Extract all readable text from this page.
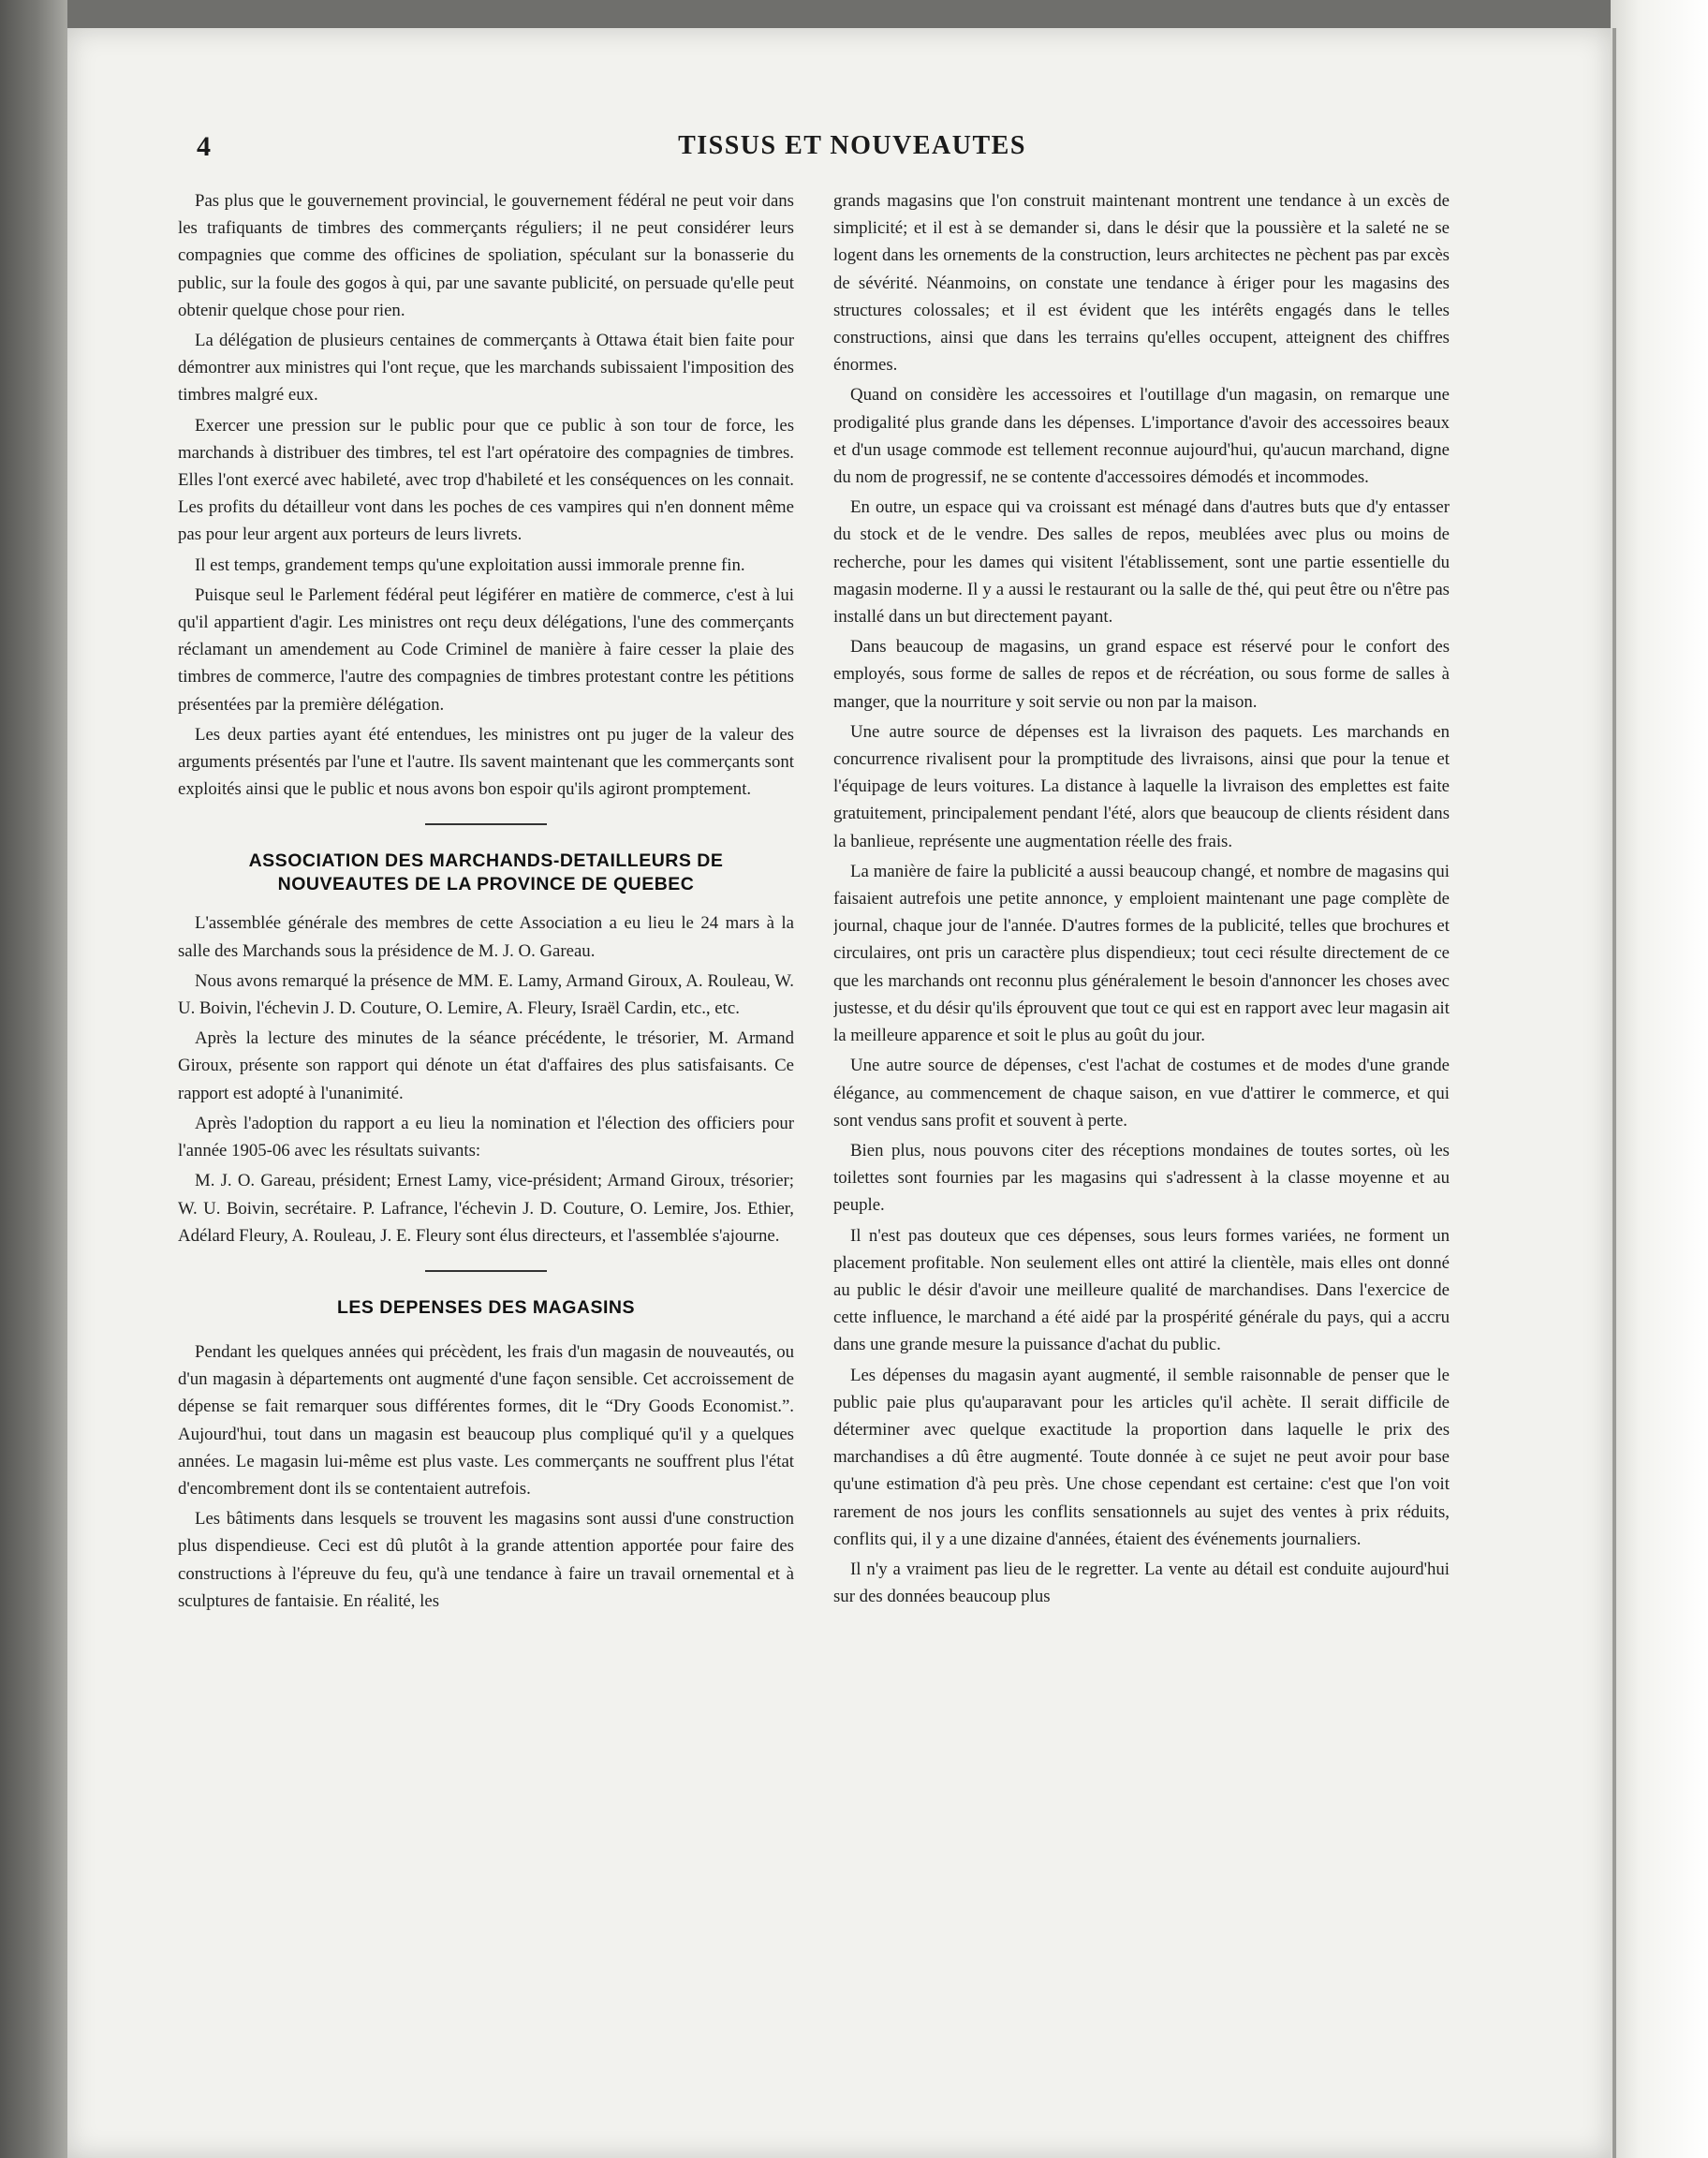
4	TISSUS ET NOUVEAUTES

Pas plus que le gouvernement provincial, le gouvernement fédéral ne peut voir dans les trafiquants de timbres des commerçants réguliers; il ne peut considérer leurs compagnies que comme des officines de spoliation, spéculant sur la bonasserie du public, sur la foule des gogos à qui, par une savante publicité, on persuade qu'elle peut obtenir quelque chose pour rien.

La délégation de plusieurs centaines de commerçants à Ottawa était bien faite pour démontrer aux ministres qui l'ont reçue, que les marchands subissaient l'imposition des timbres malgré eux.

Exercer une pression sur le public pour que ce public à son tour de force, les marchands à distribuer des timbres, tel est l'art opératoire des compagnies de timbres. Elles l'ont exercé avec habileté, avec trop d'habileté et les conséquences on les connait. Les profits du détailleur vont dans les poches de ces vampires qui n'en donnent même pas pour leur argent aux porteurs de leurs livrets.

Il est temps, grandement temps qu'une exploitation aussi immorale prenne fin.

Puisque seul le Parlement fédéral peut légiférer en matière de commerce, c'est à lui qu'il appartient d'agir. Les ministres ont reçu deux délégations, l'une des commerçants réclamant un amendement au Code Criminel de manière à faire cesser la plaie des timbres de commerce, l'autre des compagnies de timbres protestant contre les pétitions présentées par la première délégation.

Les deux parties ayant été entendues, les ministres ont pu juger de la valeur des arguments présentés par l'une et l'autre. Ils savent maintenant que les commerçants sont exploités ainsi que le public et nous avons bon espoir qu'ils agiront promptement.

ASSOCIATION DES MARCHANDS-DETAILLEURS DE
NOUVEAUTES DE LA PROVINCE DE QUEBEC

L'assemblée générale des membres de cette Association a eu lieu le 24 mars à la salle des Marchands sous la présidence de M. J. O. Gareau.

Nous avons remarqué la présence de MM. E. Lamy, Armand Giroux, A. Rouleau, W. U. Boivin, l'échevin J. D. Couture, O. Lemire, A. Fleury, Israël Cardin, etc., etc.

Après la lecture des minutes de la séance précédente, le trésorier, M. Armand Giroux, présente son rapport qui dénote un état d'affaires des plus satisfaisants. Ce rapport est adopté à l'unanimité.

Après l'adoption du rapport a eu lieu la nomination et l'élection des officiers pour l'année 1905-06 avec les résultats suivants:

M. J. O. Gareau, président; Ernest Lamy, vice-président; Armand Giroux, trésorier; W. U. Boivin, secrétaire. P. Lafrance, l'échevin J. D. Couture, O. Lemire, Jos. Ethier, Adélard Fleury, A. Rouleau, J. E. Fleury sont élus directeurs, et l'assemblée s'ajourne.

LES DEPENSES DES MAGASINS

Pendant les quelques années qui précèdent, les frais d'un magasin de nouveautés, ou d'un magasin à départements ont augmenté d'une façon sensible. Cet accroissement de dépense se fait remarquer sous différentes formes, dit le “Dry Goods Economist.”. Aujourd'hui, tout dans un magasin est beaucoup plus compliqué qu'il y a quelques années. Le magasin lui-même est plus vaste. Les commerçants ne souffrent plus l'état d'encombrement dont ils se contentaient autrefois.

Les bâtiments dans lesquels se trouvent les magasins sont aussi d'une construction plus dispendieuse. Ceci est dû plutôt à la grande attention apportée pour faire des constructions à l'épreuve du feu, qu'à une tendance à faire un travail ornemental et à sculptures de fantaisie. En réalité, les

grands magasins que l'on construit maintenant montrent une tendance à un excès de simplicité; et il est à se demander si, dans le désir que la poussière et la saleté ne se logent dans les ornements de la construction, leurs architectes ne pèchent pas par excès de sévérité. Néanmoins, on constate une tendance à ériger pour les magasins des structures colossales; et il est évident que les intérêts engagés dans le telles constructions, ainsi que dans les terrains qu'elles occupent, atteignent des chiffres énormes.

Quand on considère les accessoires et l'outillage d'un magasin, on remarque une prodigalité plus grande dans les dépenses. L'importance d'avoir des accessoires beaux et d'un usage commode est tellement reconnue aujourd'hui, qu'aucun marchand, digne du nom de progressif, ne se contente d'accessoires démodés et incommodes.

En outre, un espace qui va croissant est ménagé dans d'autres buts que d'y entasser du stock et de le vendre. Des salles de repos, meublées avec plus ou moins de recherche, pour les dames qui visitent l'établissement, sont une partie essentielle du magasin moderne. Il y a aussi le restaurant ou la salle de thé, qui peut être ou n'être pas installé dans un but directement payant.

Dans beaucoup de magasins, un grand espace est réservé pour le confort des employés, sous forme de salles de repos et de récréation, ou sous forme de salles à manger, que la nourriture y soit servie ou non par la maison.

Une autre source de dépenses est la livraison des paquets. Les marchands en concurrence rivalisent pour la promptitude des livraisons, ainsi que pour la tenue et l'équipage de leurs voitures. La distance à laquelle la livraison des emplettes est faite gratuitement, principalement pendant l'été, alors que beaucoup de clients résident dans la banlieue, représente une augmentation réelle des frais.

La manière de faire la publicité a aussi beaucoup changé, et nombre de magasins qui faisaient autrefois une petite annonce, y emploient maintenant une page complète de journal, chaque jour de l'année. D'autres formes de la publicité, telles que brochures et circulaires, ont pris un caractère plus dispendieux; tout ceci résulte directement de ce que les marchands ont reconnu plus généralement le besoin d'annoncer les choses avec justesse, et du désir qu'ils éprouvent que tout ce qui est en rapport avec leur magasin ait la meilleure apparence et soit le plus au goût du jour.

Une autre source de dépenses, c'est l'achat de costumes et de modes d'une grande élégance, au commencement de chaque saison, en vue d'attirer le commerce, et qui sont vendus sans profit et souvent à perte.

Bien plus, nous pouvons citer des réceptions mondaines de toutes sortes, où les toilettes sont fournies par les magasins qui s'adressent à la classe moyenne et au peuple.

Il n'est pas douteux que ces dépenses, sous leurs formes variées, ne forment un placement profitable. Non seulement elles ont attiré la clientèle, mais elles ont donné au public le désir d'avoir une meilleure qualité de marchandises. Dans l'exercice de cette influence, le marchand a été aidé par la prospérité générale du pays, qui a accru dans une grande mesure la puissance d'achat du public.

Les dépenses du magasin ayant augmenté, il semble raisonnable de penser que le public paie plus qu'auparavant pour les articles qu'il achète. Il serait difficile de déterminer avec quelque exactitude la proportion dans laquelle le prix des marchandises a dû être augmenté. Toute donnée à ce sujet ne peut avoir pour base qu'une estimation d'à peu près. Une chose cependant est certaine: c'est que l'on voit rarement de nos jours les conflits sensationnels au sujet des ventes à prix réduits, conflits qui, il y a une dizaine d'années, étaient des événements journaliers.

Il n'y a vraiment pas lieu de le regretter. La vente au détail est conduite aujourd'hui sur des données beaucoup plus
